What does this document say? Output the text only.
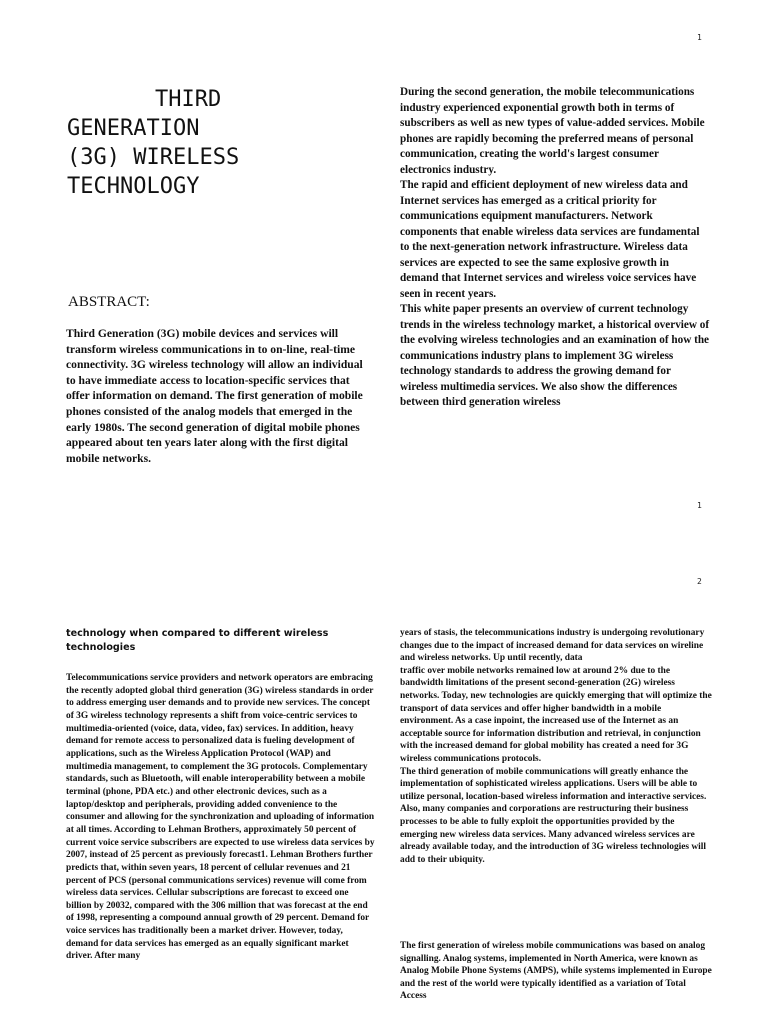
1
THIRD
GENERATION
(3G) WIRELESS
TECHNOLOGY
ABSTRACT:

Third Generation (3G) mobile devices and services will transform wireless communications in to on-line, real-time connectivity. 3G wireless technology will allow an individual to have immediate access to location-specific services that offer information on demand. The first generation of mobile phones consisted of the analog models that emerged in the early 1980s. The second generation of digital mobile phones appeared about ten years later along with the first digital mobile networks.

During the second generation, the mobile telecommunications industry experienced exponential growth both in terms of subscribers as well as new types of value-added services. Mobile phones are rapidly becoming the preferred means of personal communication, creating the world's largest consumer electronics industry.

The rapid and efficient deployment of new wireless data and Internet services has emerged as a critical priority for communications equipment manufacturers. Network components that enable wireless data services are fundamental to the next-generation network infrastructure. Wireless data services are expected to see the same explosive growth in demand that Internet services and wireless voice services have seen in recent years.

This white paper presents an overview of current technology trends in the wireless technology market, a historical overview of the evolving wireless technologies and an examination of how the communications industry plans to implement 3G wireless technology standards to address the growing demand for wireless multimedia services. We also show the differences between third generation wireless

1
2

technology when compared to different wireless technologies

Telecommunications service providers and network operators are embracing the recently adopted global third generation (3G) wireless standards in order to address emerging user demands and to provide new services. The concept of 3G wireless technology represents a shift from voice-centric services to multimedia-oriented (voice, data, video, fax) services. In addition, heavy demand for remote access to personalized data is fueling development of applications, such as the Wireless Application Protocol (WAP) and multimedia management, to complement the 3G protocols. Complementary standards, such as Bluetooth, will enable interoperability between a mobile terminal (phone, PDA etc.) and other electronic devices, such as a laptop/desktop and peripherals, providing added convenience to the consumer and allowing for the synchronization and uploading of information at all times. According to Lehman Brothers, approximately 50 percent of current voice service subscribers are expected to use wireless data services by 2007, instead of 25 percent as previously forecast1. Lehman Brothers further predicts that, within seven years, 18 percent of cellular revenues and 21 percent of PCS (personal communications services) revenue will come from wireless data services. Cellular subscriptions are forecast to exceed one billion by 20032, compared with the 306 million that was forecast at the end of 1998, representing a compound annual growth of 29 percent. Demand for voice services has traditionally been a market driver. However, today, demand for data services has emerged as an equally significant market driver. After many

years of stasis, the telecommunications industry is undergoing revolutionary changes due to the impact of increased demand for data services on wireline and wireless networks. Up until recently, data

traffic over mobile networks remained low at around 2% due to the bandwidth limitations of the present second-generation (2G) wireless networks. Today, new technologies are quickly emerging that will optimize the transport of data services and offer higher bandwidth in a mobile environment. As a case inpoint, the increased use of the Internet as an acceptable source for information distribution and retrieval, in conjunction with the increased demand for global mobility has created a need for 3G wireless communications protocols.

The third generation of mobile communications will greatly enhance the implementation of sophisticated wireless applications. Users will be able to utilize personal, location-based wireless information and interactive services. Also, many companies and corporations are restructuring their business processes to be able to fully exploit the opportunities provided by the emerging new wireless data services. Many advanced wireless services are already available today, and the introduction of 3G wireless technologies will add to their ubiquity.

The first generation of wireless mobile communications was based on analog signalling. Analog systems, implemented in North America, were known as Analog Mobile Phone Systems (AMPS), while systems implemented in Europe and the rest of the world were typically identified as a variation of Total Access
